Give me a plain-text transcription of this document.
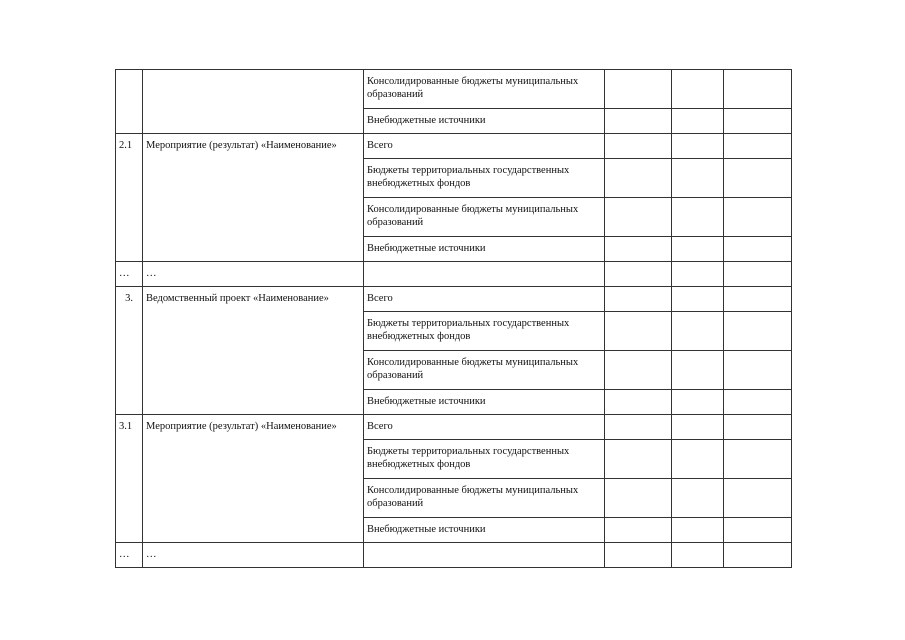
		Консолидированные бюджеты муниципальных образований			
		Внебюджетные источники			
2.1	Мероприятие (результат) «Наименование»	Всего			
		Бюджеты территориальных государственных внебюджетных фондов			
		Консолидированные бюджеты муниципальных образований			
		Внебюджетные источники			
…	…				
3.	Ведомственный проект «Наименование»	Всего			
		Бюджеты территориальных государственных внебюджетных фондов			
		Консолидированные бюджеты муниципальных образований			
		Внебюджетные источники			
3.1	Мероприятие (результат) «Наименование»	Всего			
		Бюджеты территориальных государственных внебюджетных фондов			
		Консолидированные бюджеты муниципальных образований			
		Внебюджетные источники			
…	…				
